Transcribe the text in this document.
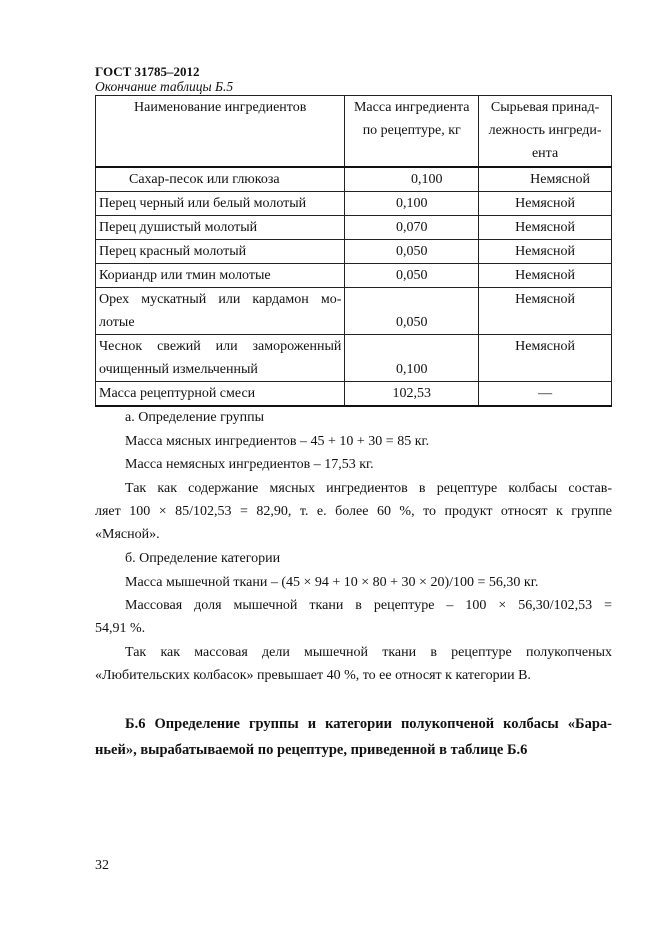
ГОСТ 31785–2012
Окончание таблицы Б.5
Наименование ингредиентов	Масса ингредиента по рецептуре, кг	Сырьевая принад-лежность ингреди-ента
Сахар-песок или глюкоза	0,100	Немясной
Перец черный или белый молотый	0,100	Немясной
Перец душистый молотый	0,070	Немясной
Перец красный молотый	0,050	Немясной
Кориандр или тмин молотые	0,050	Немясной

Орех мускатный или кардамон мо-
лотые	0,050	Немясной

Чеснок свежий или замороженный
очищенный измельченный	0,100	Немясной
Масса рецептурной смеси	102,53	—
а. Определение группы
Масса мясных ингредиентов – 45 + 10 + 30 = 85 кг.
Масса немясных ингредиентов – 17,53 кг.
Так как содержание мясных ингредиентов в рецептуре колбасы состав-
ляет 100 × 85/102,53 = 82,90, т. е. более 60 %, то продукт относят к группе
«Мясной».
б. Определение категории
Масса мышечной ткани – (45 × 94 + 10 × 80 + 30 × 20)/100 = 56,30 кг.
Массовая доля мышечной ткани в рецептуре – 100 × 56,30/102,53 =
54,91 %.
Так как массовая дели мышечной ткани в рецептуре полукопченых
«Любительских колбасок» превышает 40 %, то ее относят к категории В.
Б.6 Определение группы и категории полукопченой колбасы «Бара-
ньей», вырабатываемой по рецептуре, приведенной в таблице Б.6
32
